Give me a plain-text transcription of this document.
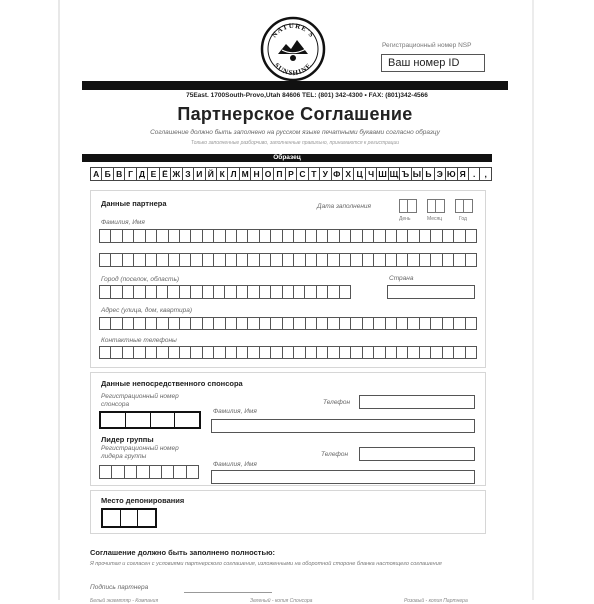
NATURE'S
SUNSHINE
Регистрационный номер NSP
Ваш номер ID
75East. 1700South-Provo,Utah 84606 TEL: (801) 342-4300 • FAX: (801)342-4566
Партнерское Соглашение
Соглашение должно быть заполнено на русском языке печатными буквами согласно образцу
Только заполненные разборчиво, заполненные правильно, принимаются к регистрации
Образец
А Б В Г Д Е Ё Ж З И Й К Л М Н О П Р С Т У Ф Х Ц Ч Ш Щ Ъ Ы Ь Э Ю Я .	,
Данные партнера	Дата заполнения
День	Месяц	Год
Фамилия, Имя
Город (поселок, область)	Страна
Адрес (улица, дом, квартира)
Контактные телефоны
Данные непосредственного спонсора
Регистрационный номер спонсора
Фамилия, Имя
Телефон
Лидер группы
Регистрационный номер лидера группы
Фамилия, Имя
Телефон
Место депонирования
Соглашение должно быть заполнено полностью:
Я прочитал и согласен с условиями партнерского соглашения, изложенными на оборотной стороне бланка настоящего соглашения
Подпись партнера
Белый экземпляр - Компания	Зеленый - копия Спонсора	Розовый - копия Партнера
